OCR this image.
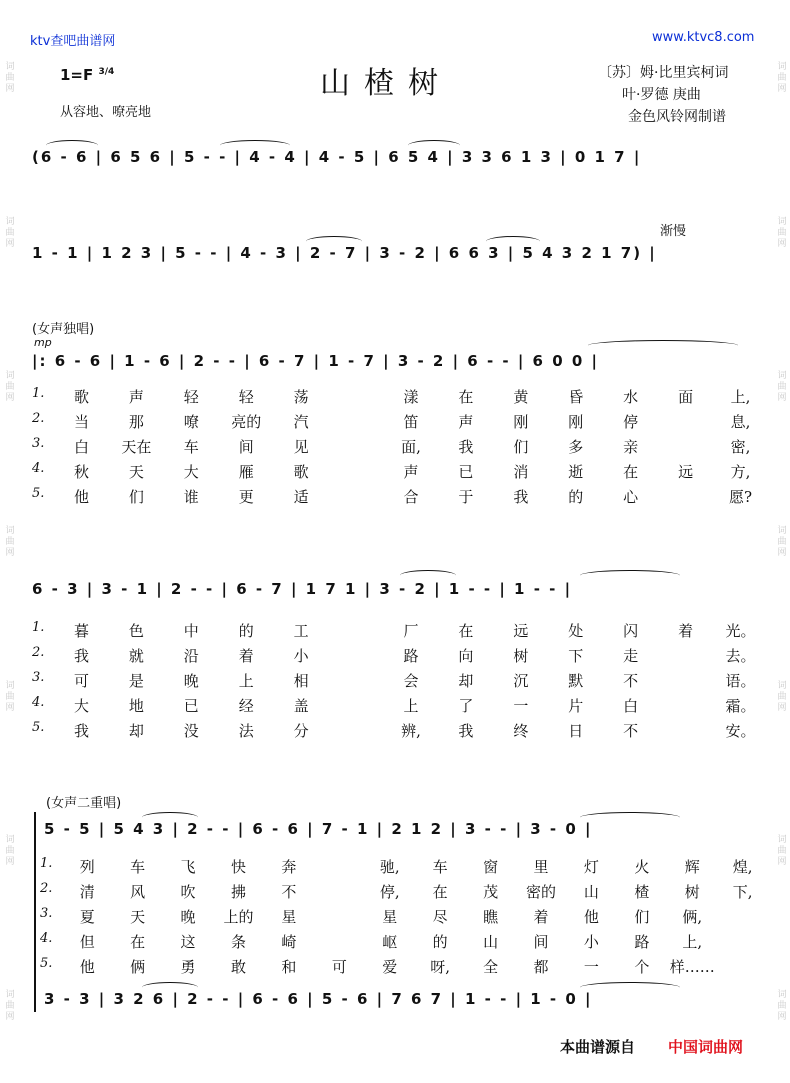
词曲网
词曲网
词曲网
词曲网
词曲网
词曲网
词曲网
词曲网
词曲网
词曲网
词曲网
词曲网
词曲网
词曲网
ktv查吧曲谱网	www.ktvc8.com
山楂树
1=F $^{3/4}$
从容地、嘹亮地
〔苏〕姆·比里宾柯词
叶·罗德 庚曲
金色风铃网制谱
(6 - 6 | 6 5 6 | 5 - - | 4 - 4 | 4 - 5 | 6 5 4 | 3 3 6 1 3 | 0 1 7 |
渐慢
1 - 1 | 1 2 3 | 5 - - | 4 - 3 | 2 - 7 | 3 - 2 | 6 6 3 | 5 4 3 2 1 7) |
(女声独唱)
mp
|: 6 - 6 | 1 - 6 | 2 - - | 6 - 7 | 1 - 7 | 3 - 2 | 6 - - | 6 0 0 |
1.	歌	声	轻	轻	荡	漾	在	黄	昏	水	面	上,
2.	当	那	嘹	亮的	汽	笛	声	刚	刚	停	息,
3.	白	天在	车	间	见	面,	我	们	多	亲	密,
4.	秋	天	大	雁	歌	声	已	消	逝	在	远	方,
5.	他	们	谁	更	适	合	于	我	的	心	愿?
6 - 3 | 3 - 1 | 2 - - | 6 - 7 | 1 7 1 | 3 - 2 | 1 - - | 1 - - |
1.	暮	色	中	的	工	厂	在	远	处	闪	着	光。
2.	我	就	沿	着	小	路	向	树	下	走	去。
3.	可	是	晚	上	相	会	却	沉	默	不	语。
4.	大	地	已	经	盖	上	了	一	片	白	霜。
5.	我	却	没	法	分	辨,	我	终	日	不	安。
(女声二重唱)
5 - 5 | 5 4 3 | 2 - - | 6 - 6 | 7 - 1 | 2 1 2 | 3 - - | 3 - 0 |
1.	列	车	飞	快	奔	驰,	车	窗	里	灯	火	辉	煌,
2.	清	风	吹	拂	不	停,	在	茂	密的	山	楂	树	下,
3.	夏	天	晚	上的	星	星	尽	瞧	着	他	们	俩,
4.	但	在	这	条	崎	岖	的	山	间	小	路	上,
5.	他	俩	勇	敢	和	可	爱	呀,	全	都	一	个	样……
3 - 3 | 3 2 6 | 2 - - | 6 - 6 | 5 - 6 | 7 6 7 | 1 - - | 1 - 0 |
本曲谱源自 中国词曲网
